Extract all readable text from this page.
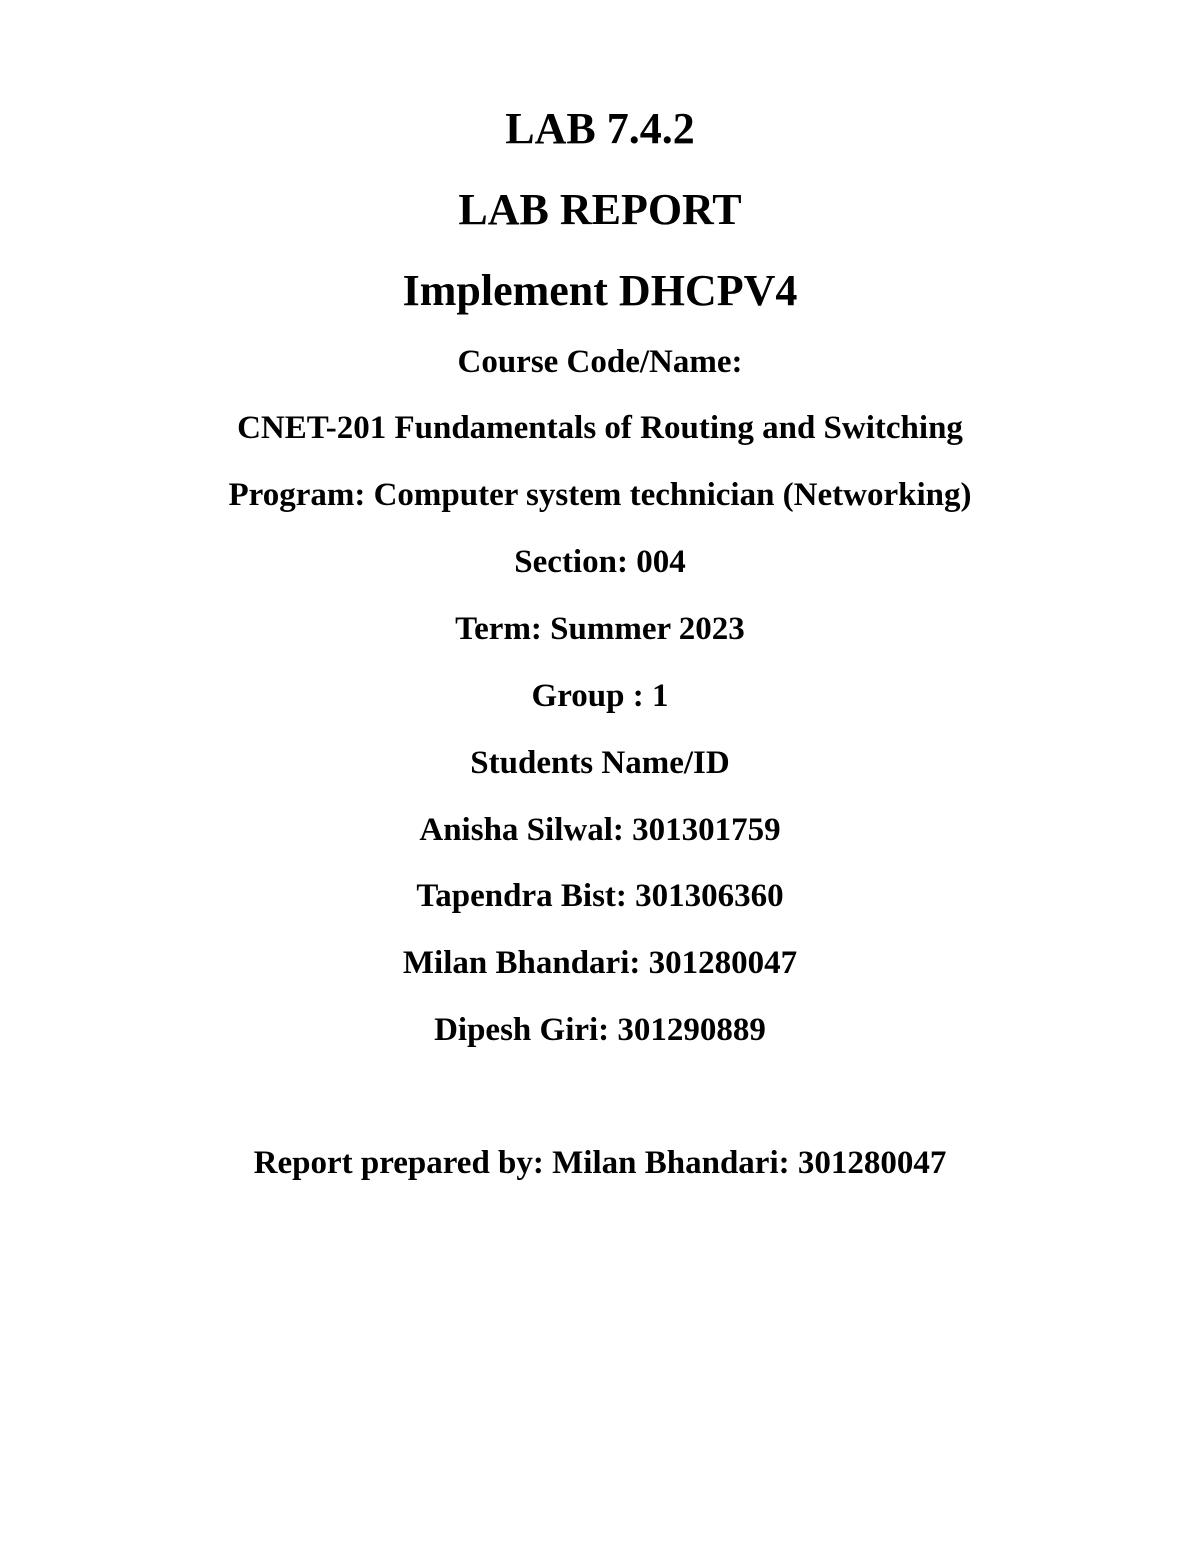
LAB 7.4.2
LAB REPORT
Implement DHCPV4
Course Code/Name:
CNET-201 Fundamentals of Routing and Switching
Program: Computer system technician (Networking)
Section: 004
Term: Summer 2023
Group : 1
Students Name/ID
Anisha Silwal: 301301759
Tapendra Bist: 301306360
Milan Bhandari: 301280047
Dipesh Giri: 301290889
Report prepared by: Milan Bhandari: 301280047
